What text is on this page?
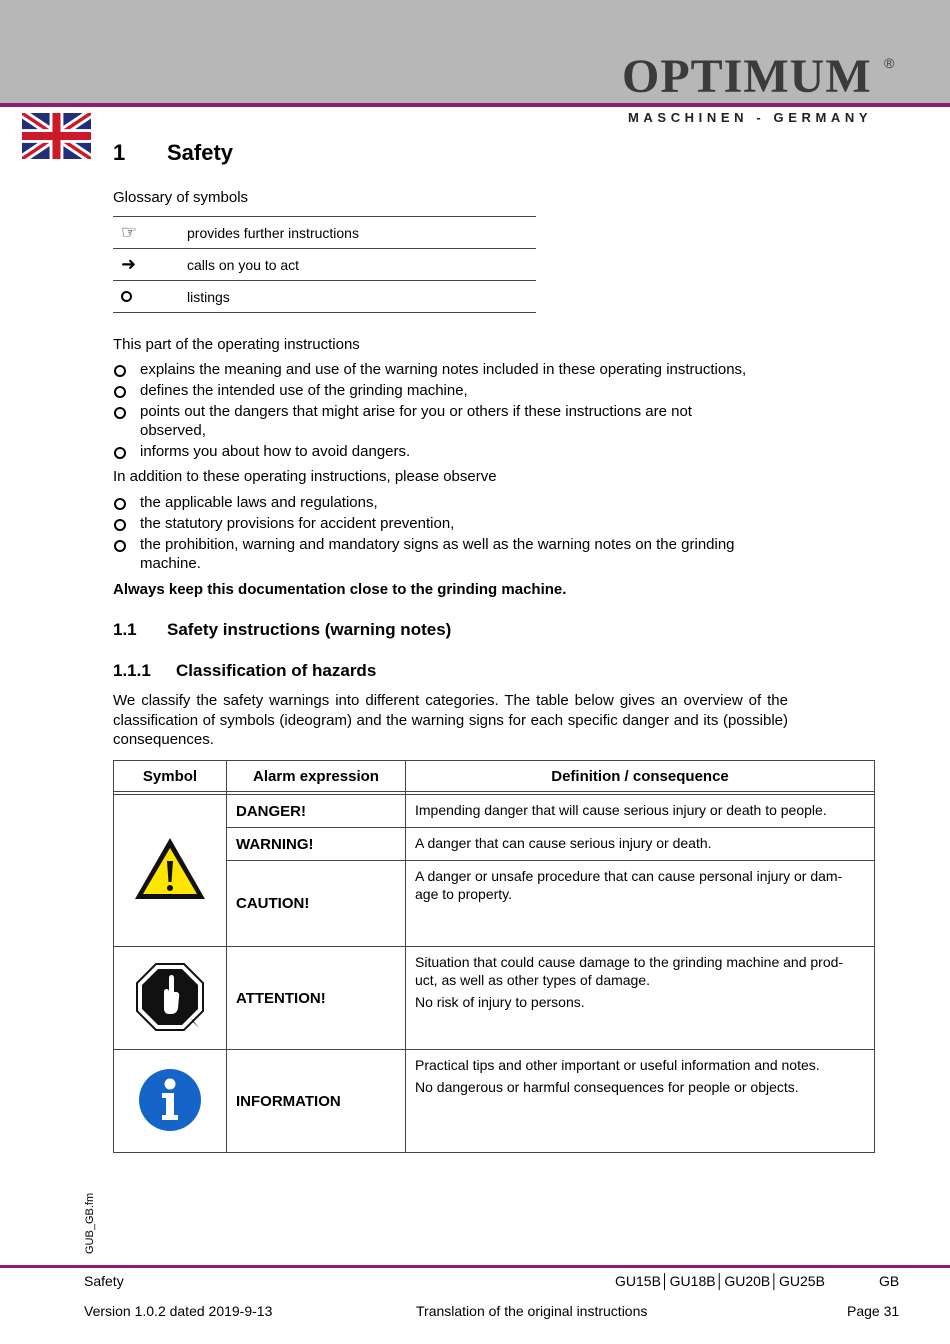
OPTIMUM ®
MASCHINEN - GERMANY
1 Safety
Glossary of symbols
☞	provides further instructions
➜	calls on you to act
	listings
This part of the operating instructions
explains the meaning and use of the warning notes included in these operating instructions,
defines the intended use of the grinding machine,
points out the dangers that might arise for you or others if these instructions are not observed,
informs you about how to avoid dangers.
In addition to these operating instructions, please observe
the applicable laws and regulations,
the statutory provisions for accident prevention,
the prohibition, warning and mandatory signs as well as the warning notes on the grinding machine.
Always keep this documentation close to the grinding machine.
1.1 Safety instructions (warning notes)
1.1.1 Classification of hazards
We classify the safety warnings into different categories. The table below gives an overview of the classification of symbols (ideogram) and the warning signs for each specific danger and its (possible) consequences.
Symbol	Alarm expression	Definition / consequence

	DANGER!	Impending danger that will cause serious injury or death to people.

	WARNING!	A danger that can cause serious injury or death.

	CAUTION!	A danger or unsafe procedure that can cause personal injury or dam- age to property.

	ATTENTION!	Situation that could cause damage to the grinding machine and prod- uct, as well as other types of damage.

No risk of injury to persons.

	INFORMATION	Practical tips and other important or useful information and notes.

No dangerous or harmful consequences for people or objects.

GUB_GB.fm
Safety	GU15B│GU18B│GU20B│GU25B	GB
Version 1.0.2 dated 2019-9-13	Translation of the original instructions	Page 31
